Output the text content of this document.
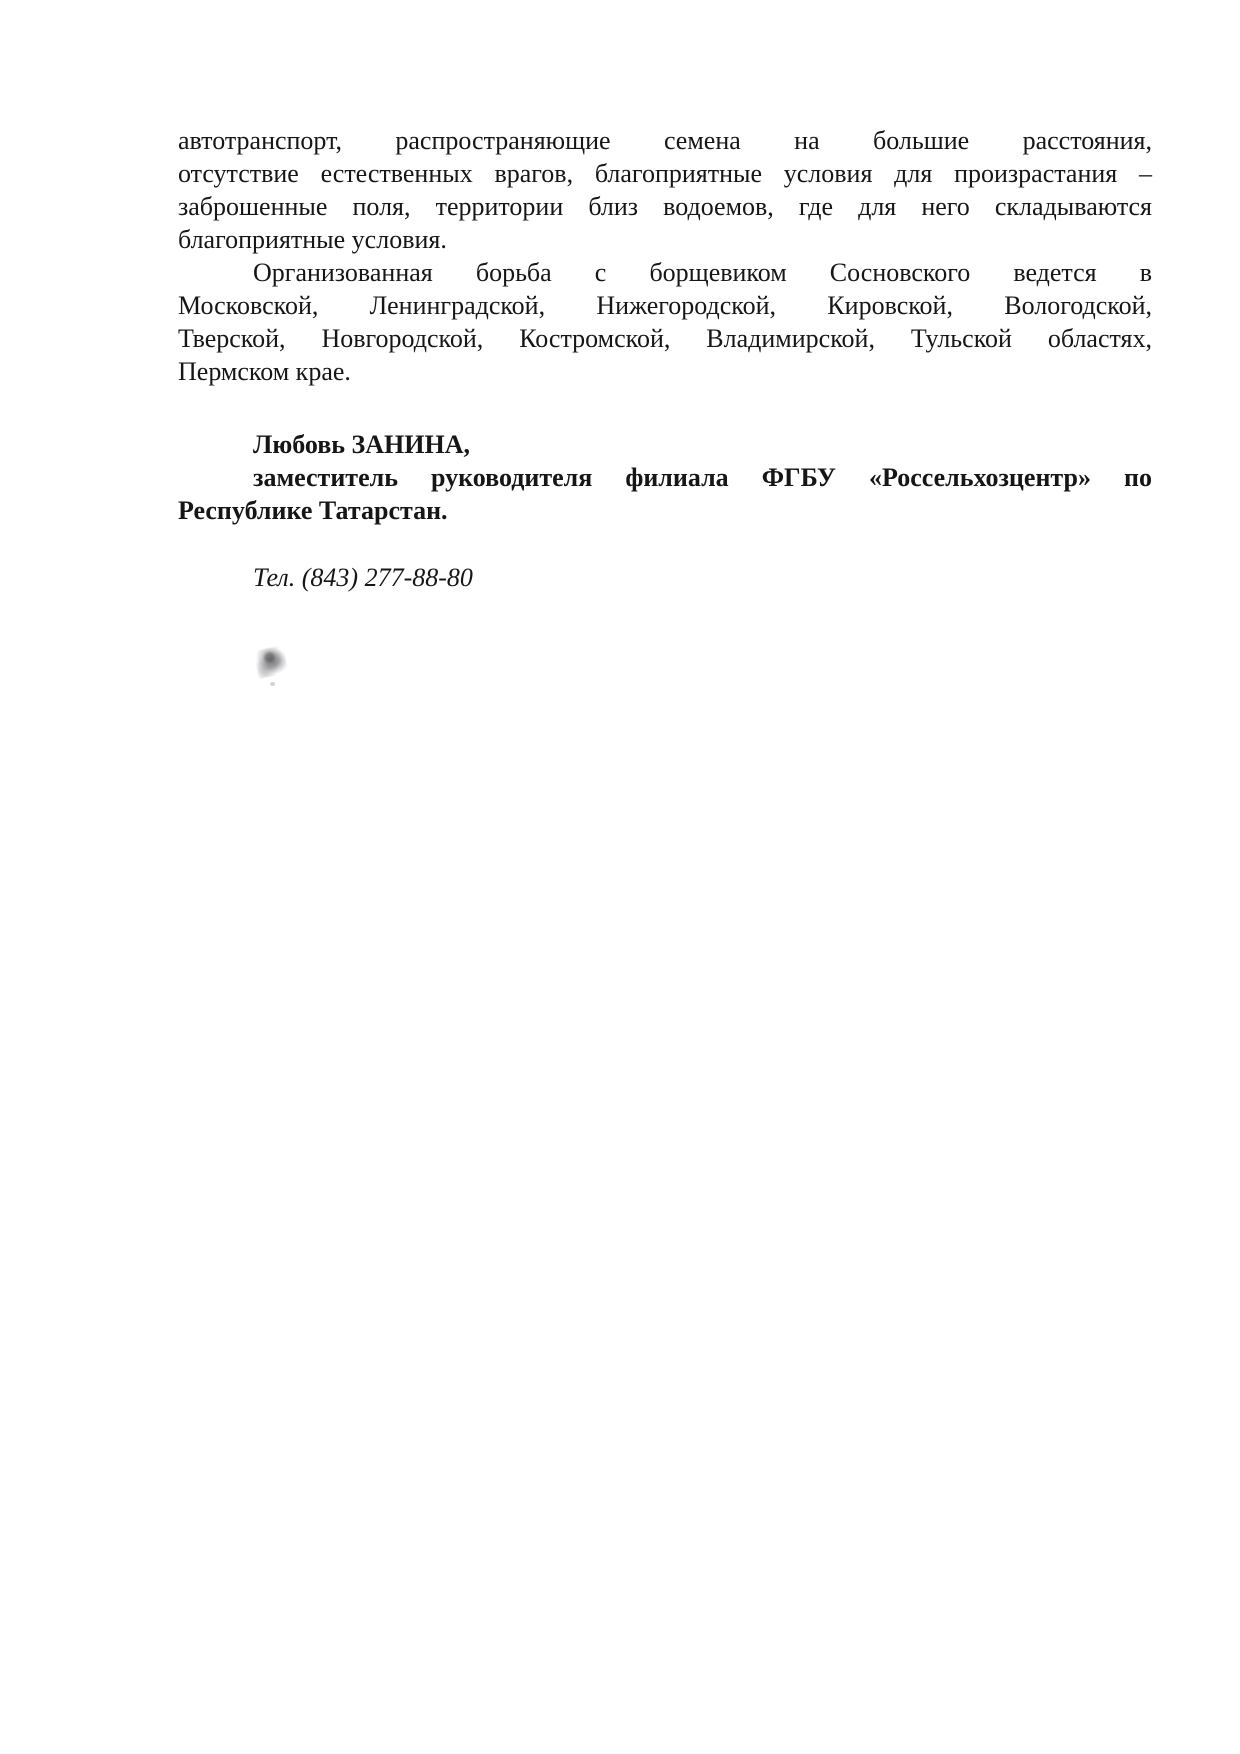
автотранспорт, распространяющие семена на большие расстояния,
отсутствие естественных врагов, благоприятные условия для произрастания –
заброшенные поля, территории близ водоемов, где для него складываются
благоприятные условия.
Организованная борьба с борщевиком Сосновского ведется в
Московской, Ленинградской, Нижегородской, Кировской, Вологодской,
Тверской, Новгородской, Костромской, Владимирской, Тульской областях,
Пермском крае.
Любовь ЗАНИНА,
заместитель руководителя филиала ФГБУ «Россельхозцентр» по
Республике Татарстан.
Тел. (843) 277-88-80
